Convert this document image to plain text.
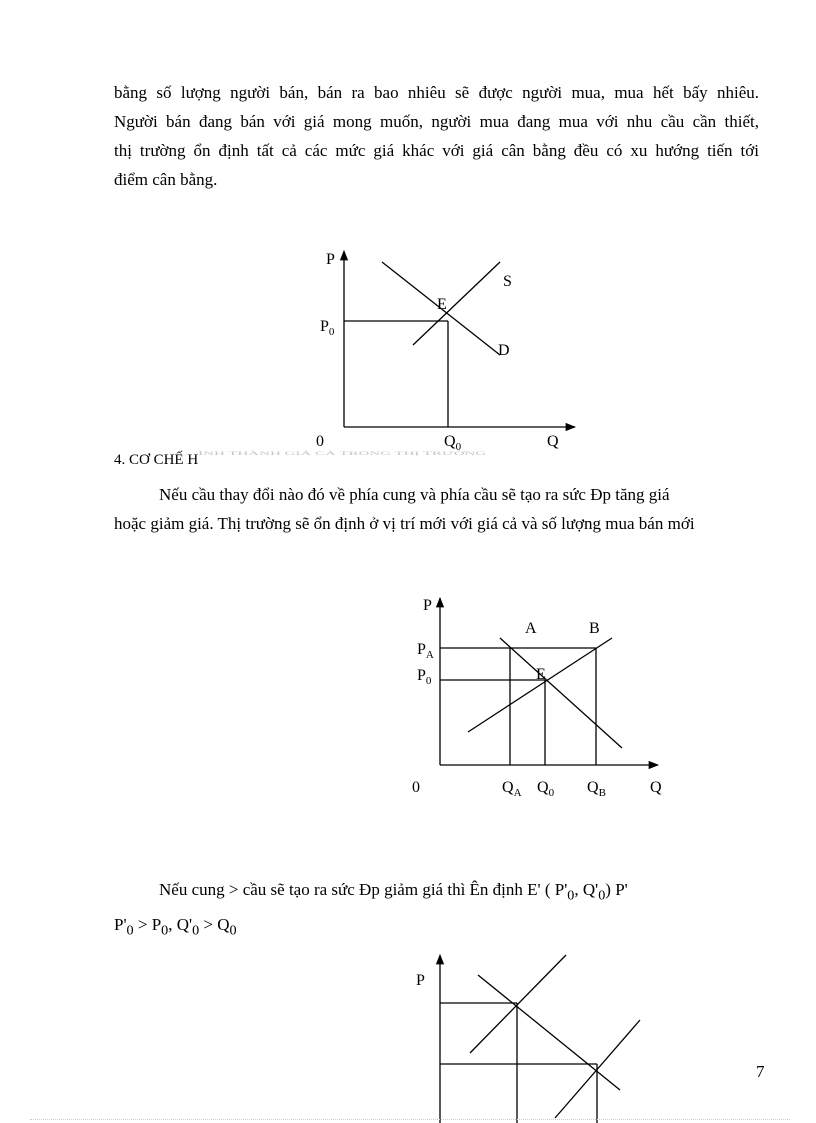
bằng số lượng người bán, bán ra bao nhiêu sẽ được người mua, mua hết bấy nhiêu.
Người bán đang bán với giá mong muốn, người mua đang mua với nhu cầu cần thiết,
thị trường ổn định tất cả các mức giá khác với giá cân bằng đều có xu hướng tiến tới
điểm cân bằng.
4. CƠ CHẾ HÌNH THÀNH GIÁ CẢ TRONG THỊ TRƯỜNG
Nếu cầu thay đổi nào đó về phía cung và phía cầu sẽ tạo ra sức Đp tăng giá
hoặc giảm giá. Thị trường sẽ ổn định ở vị trí mới với giá cả và số lượng mua bán mới
Nếu cung > cầu sẽ tạo ra sức Đp giảm giá thì Ên định E' ( $P'_0$, $Q'_0$) P'
$P'_0 > P_0$, $Q'_0 > Q_0$
P
S
E
D
$P_0$
0	$Q_0$	Q
P
A	B
$P_A$
E
$P_0$
0	$Q_A$ $Q_0$ $Q_B$	Q
P
7
